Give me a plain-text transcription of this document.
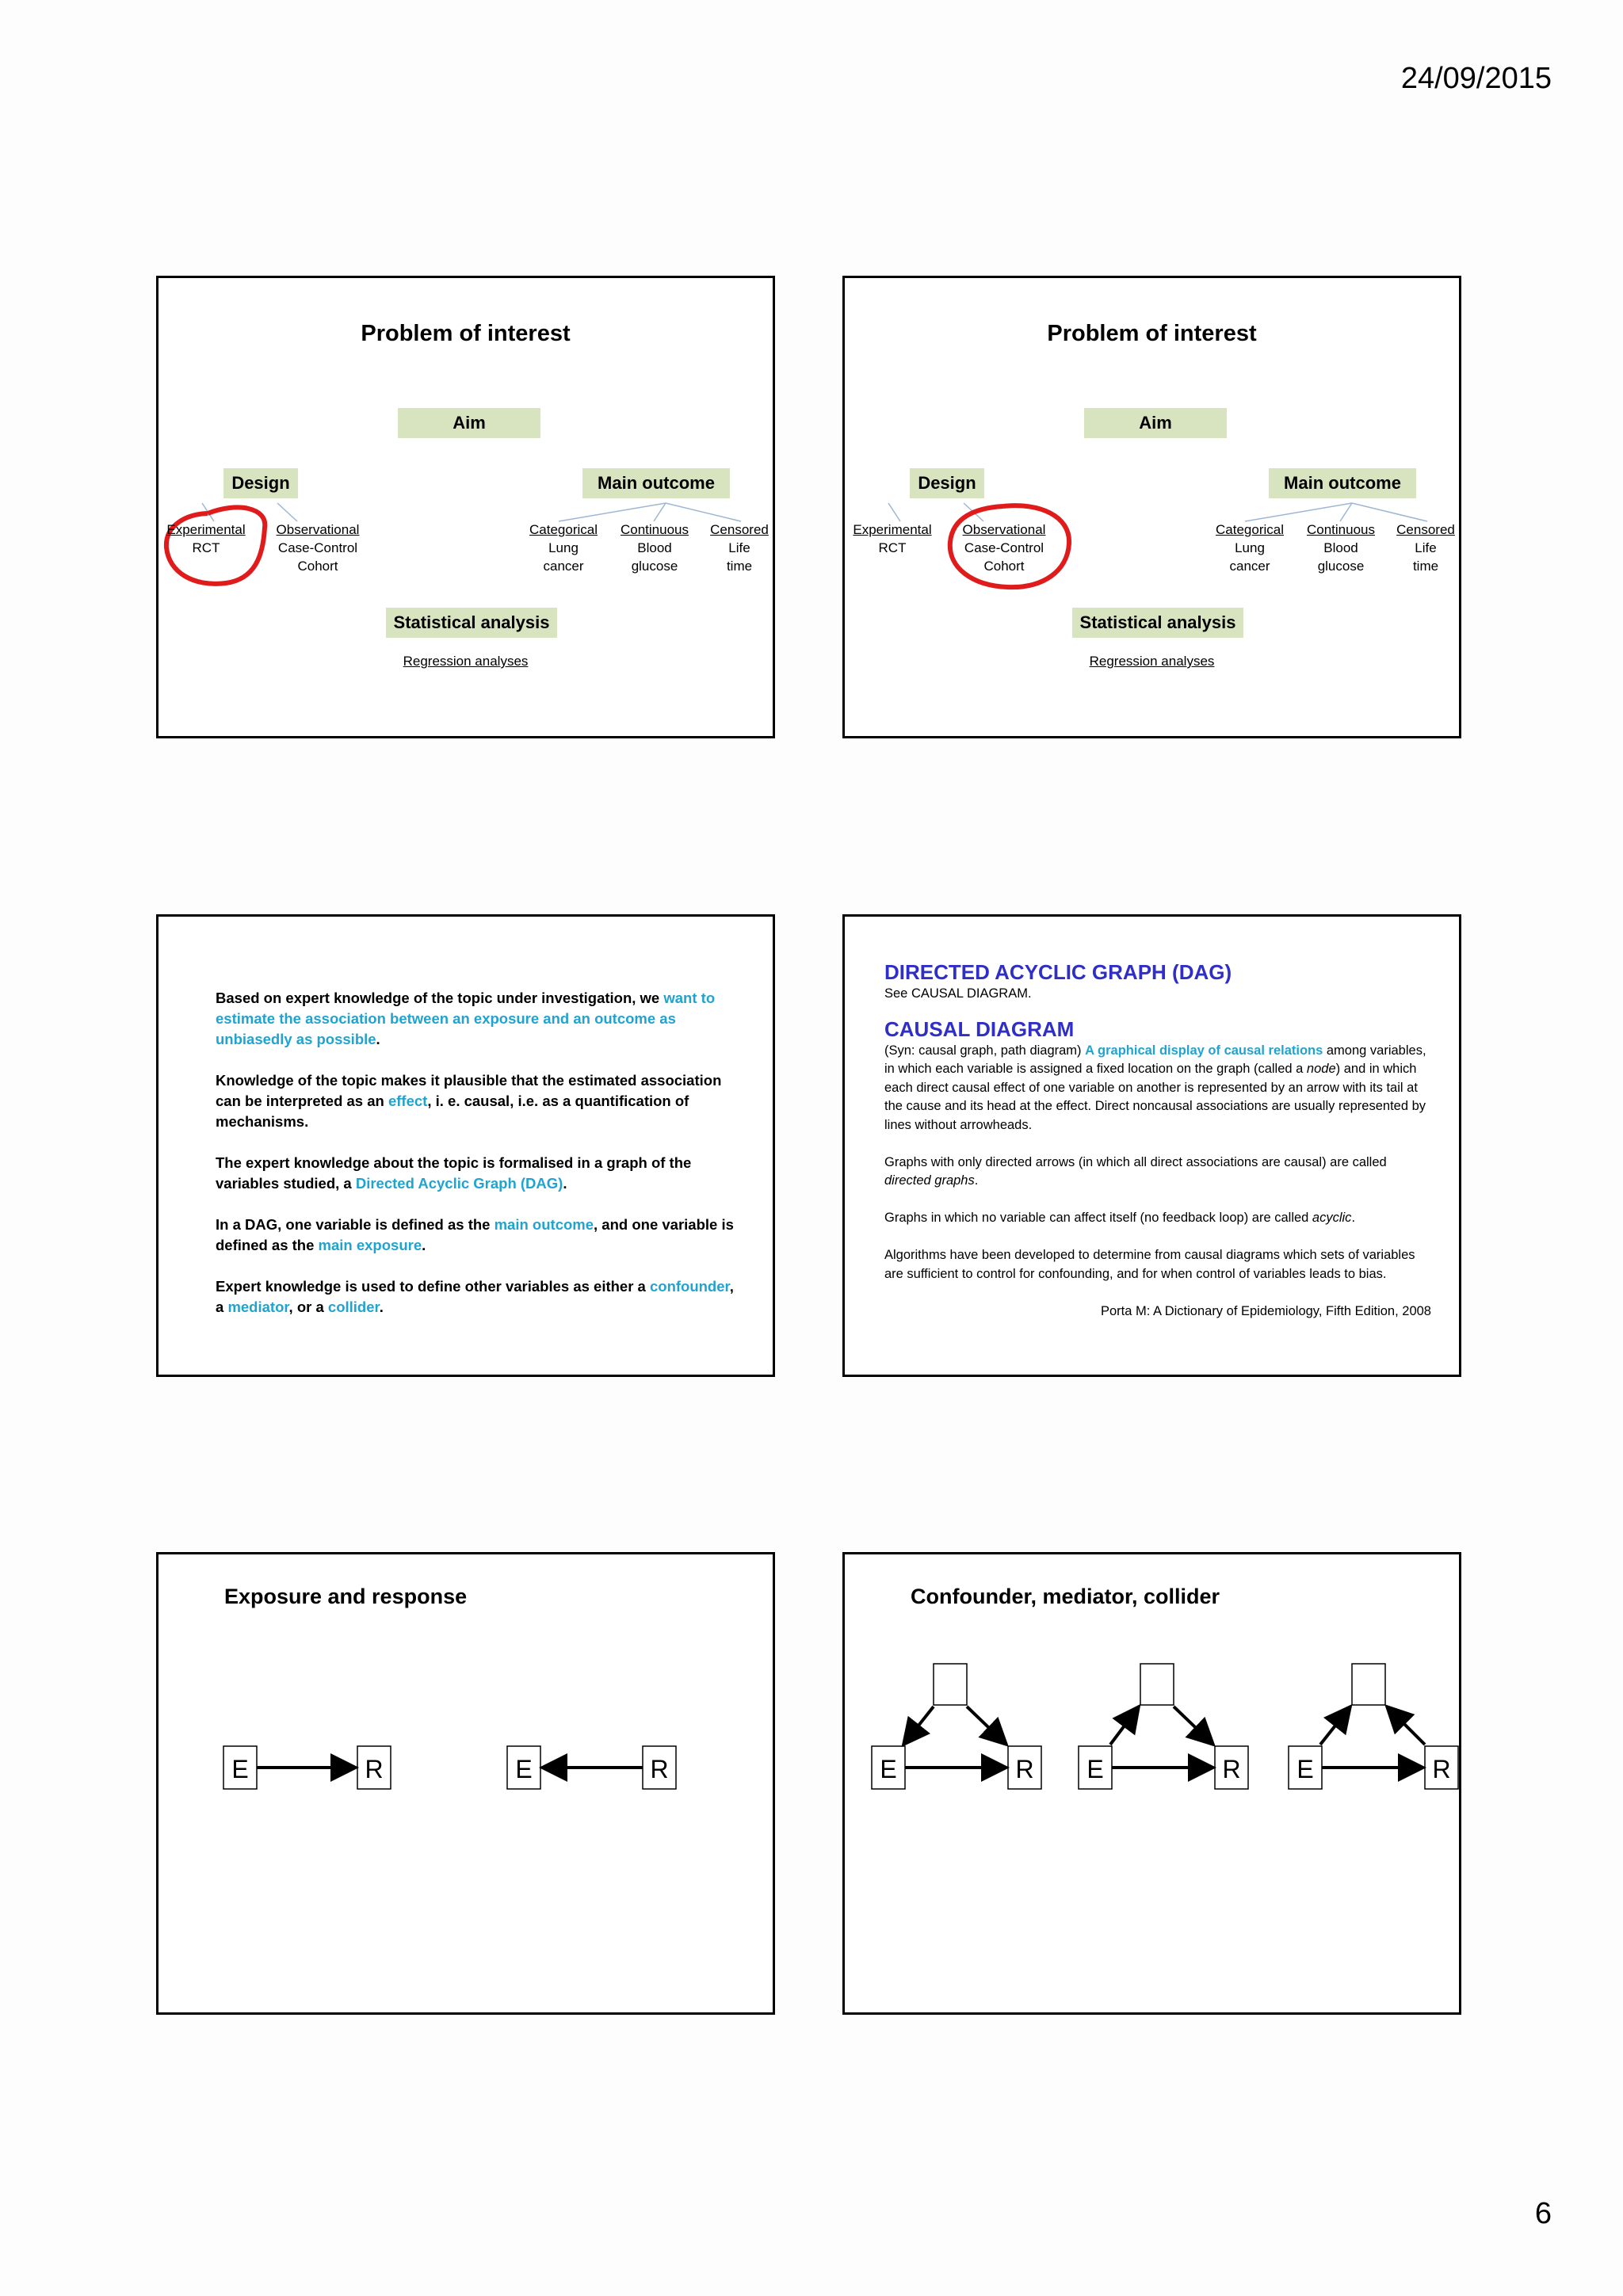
24/09/2015
Problem of interest
Aim
Design	Main outcome
Experimental
RCT
Observational
Case-Control
Cohort
Categorical
Lung
cancer
Continuous
Blood
glucose
Censored
Life
time
Statistical analysis
Regression analyses
Problem of interest
Aim
Design	Main outcome
Experimental
RCT
Observational
Case-Control
Cohort
Categorical
Lung
cancer
Continuous
Blood
glucose
Censored
Life
time
Statistical analysis
Regression analyses

Based on expert knowledge of the topic under investigation, we want to estimate the association between an exposure and an outcome as unbiasedly as possible.

Knowledge of the topic makes it plausible that the estimated association can be interpreted as an effect, i. e. causal, i.e. as a quantification of mechanisms.

The expert knowledge about the topic is formalised in a graph of the variables studied, a Directed Acyclic Graph (DAG).

In a DAG, one variable is defined as the main outcome, and one variable is defined as the main exposure.

Expert knowledge is used to define other variables as either a confounder, a mediator, or a collider.

DIRECTED ACYCLIC GRAPH (DAG)
See CAUSAL DIAGRAM.
CAUSAL DIAGRAM

(Syn: causal graph, path diagram) A graphical display of causal relations among variables, in which each variable is assigned a fixed location on the graph (called a node) and in which each direct causal effect of one variable on another is represented by an arrow with its tail at the cause and its head at the effect. Direct noncausal associations are usually represented by lines without arrowheads.

Graphs with only directed arrows (in which all direct associations are causal) are called directed graphs.

Graphs in which no variable can affect itself (no feedback loop) are called acyclic.

Algorithms have been developed to determine from causal diagrams which sets of variables are sufficient to control for confounding, and for when control of variables leads to bias.

Porta M: A Dictionary of Epidemiology, Fifth Edition, 2008
Exposure and response
E	R	E	R
Confounder, mediator, collider
E	R E	R E	R
6
